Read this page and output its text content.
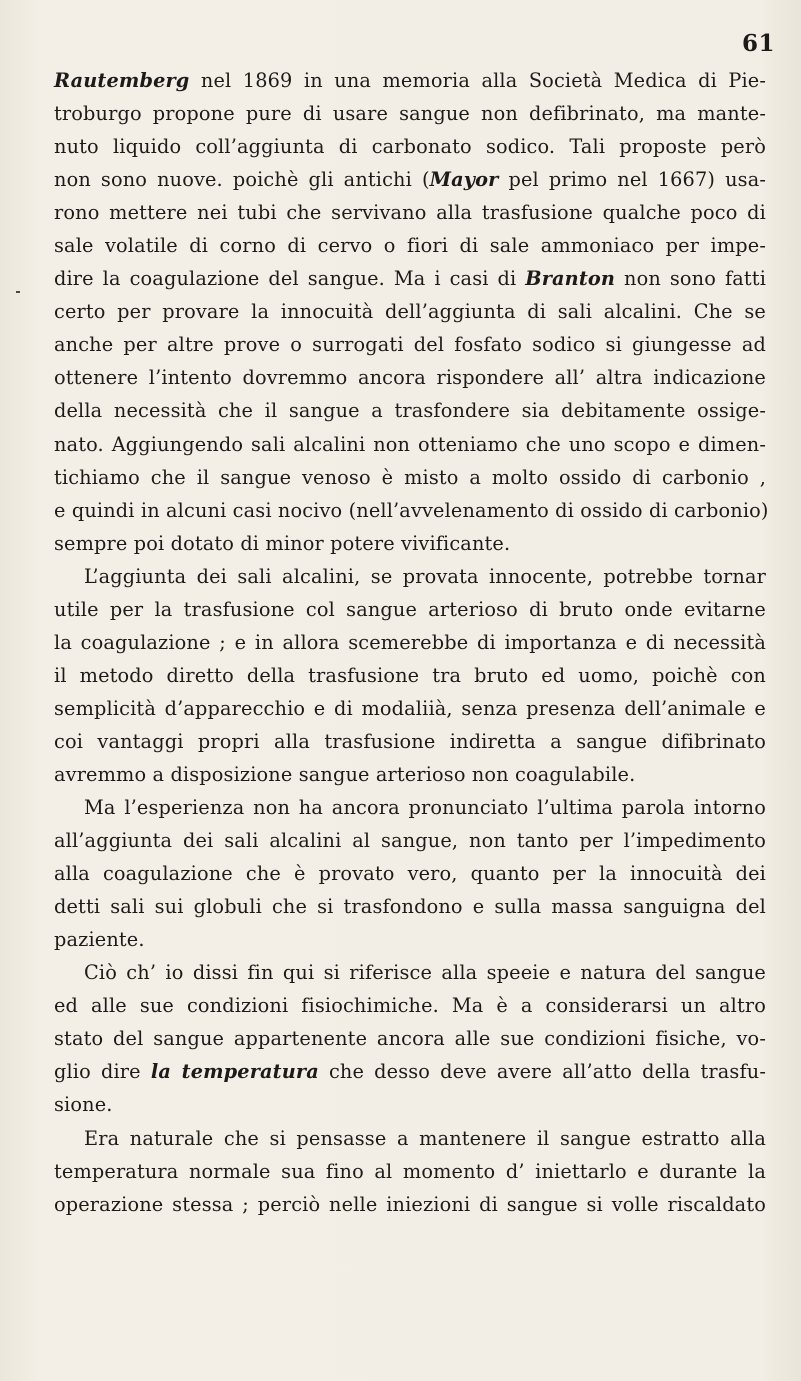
61
Rautemberg nel 1869 in una memoria alla Società Medica di Pie-
troburgo propone pure di usare sangue non defibrinato, ma mante-
nuto liquido coll’aggiunta di carbonato sodico. Tali proposte però
non sono nuove. poichè gli antichi (Mayor pel primo nel 1667) usa-
rono mettere nei tubi che servivano alla trasfusione qualche poco di
sale volatile di corno di cervo o fiori di sale ammoniaco per impe-
dire la coagulazione del sangue. Ma i casi di Branton non sono fatti
certo per provare la innocuità dell’aggiunta di sali alcalini. Che se
anche per altre prove o surrogati del fosfato sodico si giungesse ad
ottenere l’intento dovremmo ancora rispondere all’ altra indicazione
della necessità che il sangue a trasfondere sia debitamente ossige-
nato. Aggiungendo sali alcalini non otteniamo che uno scopo e dimen-
tichiamo che il sangue venoso è misto a molto ossido di carbonio ,
e quindi in alcuni casi nocivo (nell’avvelenamento di ossido di carbonio)
sempre poi dotato di minor potere vivificante.
L’aggiunta dei sali alcalini, se provata innocente, potrebbe tornar
utile per la trasfusione col sangue arterioso di bruto onde evitarne
la coagulazione ; e in allora scemerebbe di importanza e di necessità
il metodo diretto della trasfusione tra bruto ed uomo, poichè con
semplicità d’apparecchio e di modaliià, senza presenza dell’animale e
coi vantaggi propri alla trasfusione indiretta a sangue difibrinato
avremmo a disposizione sangue arterioso non coagulabile.
Ma l’esperienza non ha ancora pronunciato l’ultima parola intorno
all’aggiunta dei sali alcalini al sangue, non tanto per l’impedimento
alla coagulazione che è provato vero, quanto per la innocuità dei
detti sali sui globuli che si trasfondono e sulla massa sanguigna del
paziente.
Ciò ch’ io dissi fin qui si riferisce alla speeie e natura del sangue
ed alle sue condizioni fisiochimiche. Ma è a considerarsi un altro
stato del sangue appartenente ancora alle sue condizioni fisiche, vo-
glio dire la temperatura che desso deve avere all’atto della trasfu-
sione.
Era naturale che si pensasse a mantenere il sangue estratto alla
temperatura normale sua fino al momento d’ iniettarlo e durante la
operazione stessa ; perciò nelle iniezioni di sangue si volle riscaldato
